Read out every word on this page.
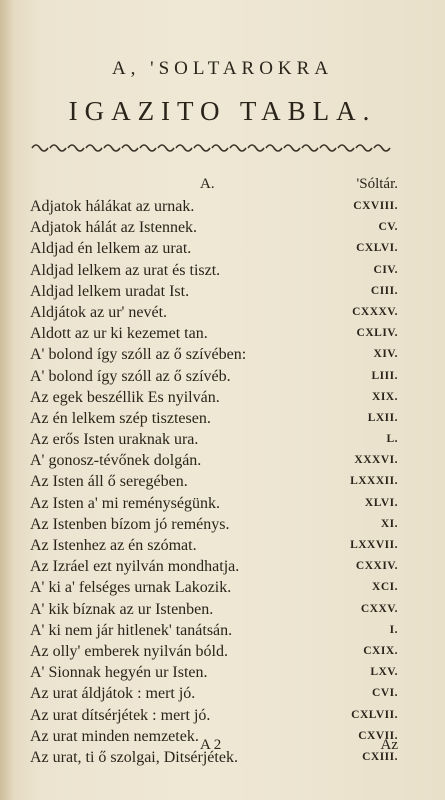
A, 'SOLTAROKRA
IGAZITO TABLA.
A.	'Sóltár.
Adjatok hálákat az urnak.	CXVIII.
Adjatok hálát az Istennek.	CV.
Aldjad én lelkem az urat.	CXLVI.
Aldjad lelkem az urat és tiszt.	CIV.
Aldjad lelkem uradat Ist.	CIII.
Aldjátok az ur' nevét.	CXXXV.
Aldott az ur ki kezemet tan.	CXLIV.
A' bolond így szóll az ő szívében:	XIV.
A' bolond így szóll az ő szívéb.	LIII.
Az egek beszéllik Es nyilván.	XIX.
Az én lelkem szép tisztesen.	LXII.
Az erős Isten uraknak ura.	L.
A' gonosz-tévőnek dolgán.	XXXVI.
Az Isten áll ő seregében.	LXXXII.
Az Isten a' mi reménységünk.	XLVI.
Az Istenben bízom jó reménys.	XI.
Az Istenhez az én szómat.	LXXVII.
Az Izráel ezt nyilván mondhatja.	CXXIV.
A' ki a' felséges urnak Lakozik.	XCI.
A' kik bíznak az ur Istenben.	CXXV.
A' ki nem jár hitlenek' tanátsán.	I.
Az olly' emberek nyilván bóld.	CXIX.
A' Sionnak hegyén ur Isten.	LXV.
Az urat áldjátok : mert jó.	CVI.
Az urat dítsérjétek : mert jó.	CXLVII.
Az urat minden nemzetek.	CXVII.
Az urat, ti ő szolgai, Ditsérjétek.	CXIII.
A 2	Az
